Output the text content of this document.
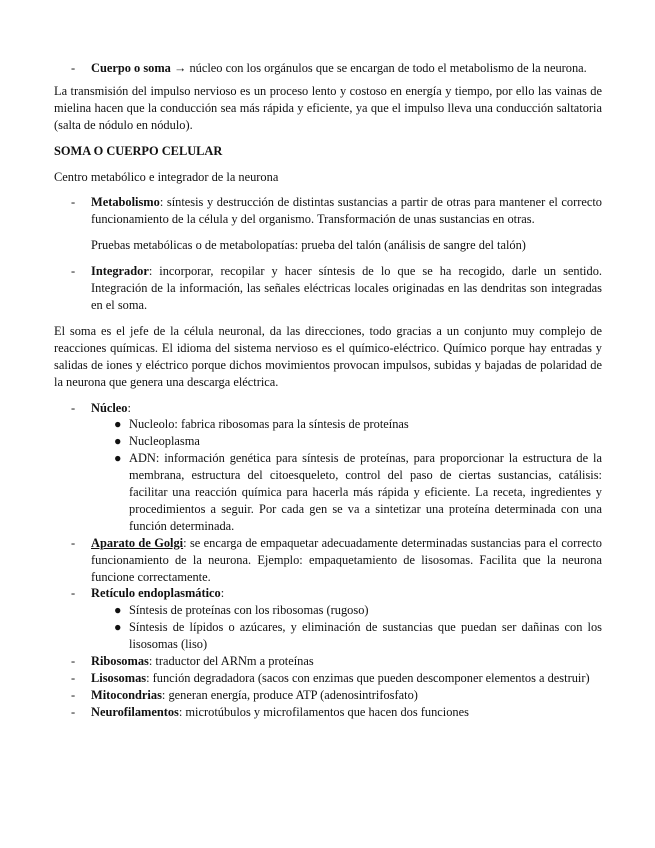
- Cuerpo o soma → núcleo con los orgánulos que se encargan de todo el metabolismo de la neurona.

La transmisión del impulso nervioso es un proceso lento y costoso en energía y tiempo, por ello las vainas de mielina hacen que la conducción sea más rápida y eficiente, ya que el impulso lleva una conducción saltatoria (salta de nódulo en nódulo).

SOMA O CUERPO CELULAR

Centro metabólico e integrador de la neurona

- Metabolismo: síntesis y destrucción de distintas sustancias a partir de otras para mantener el correcto funcionamiento de la célula y del organismo. Transformación de unas sustancias en otras.

Pruebas metabólicas o de metabolopatías: prueba del talón (análisis de sangre del talón)

- Integrador: incorporar, recopilar y hacer síntesis de lo que se ha recogido, darle un sentido. Integración de la información, las señales eléctricas locales originadas en las dendritas son integradas en el soma.

El soma es el jefe de la célula neuronal, da las direcciones, todo gracias a un conjunto muy complejo de reacciones químicas. El idioma del sistema nervioso es el químico-eléctrico. Químico porque hay entradas y salidas de iones y eléctrico porque dichos movimientos provocan impulsos, subidas y bajadas de polaridad de la neurona que genera una descarga eléctrica.

- Núcleo:
● Nucleolo: fabrica ribosomas para la síntesis de proteínas
● Nucleoplasma
● ADN: información genética para síntesis de proteínas, para proporcionar la estructura de la membrana, estructura del citoesqueleto, control del paso de ciertas sustancias, catálisis: facilitar una reacción química para hacerla más rápida y eficiente. La receta, ingredientes y procedimientos a seguir. Por cada gen se va a sintetizar una proteína determinada con una función determinada.
- Aparato de Golgi: se encarga de empaquetar adecuadamente determinadas sustancias para el correcto funcionamiento de la neurona. Ejemplo: empaquetamiento de lisosomas. Facilita que la neurona funcione correctamente.
- Retículo endoplasmático:
● Síntesis de proteínas con los ribosomas (rugoso)
● Síntesis de lípidos o azúcares, y eliminación de sustancias que puedan ser dañinas con los lisosomas (liso)
- Ribosomas: traductor del ARNm a proteínas
- Lisosomas: función degradadora (sacos con enzimas que pueden descomponer elementos a destruir)
- Mitocondrias: generan energía, produce ATP (adenosintrifosfato)
- Neurofilamentos: microtúbulos y microfilamentos que hacen dos funciones
